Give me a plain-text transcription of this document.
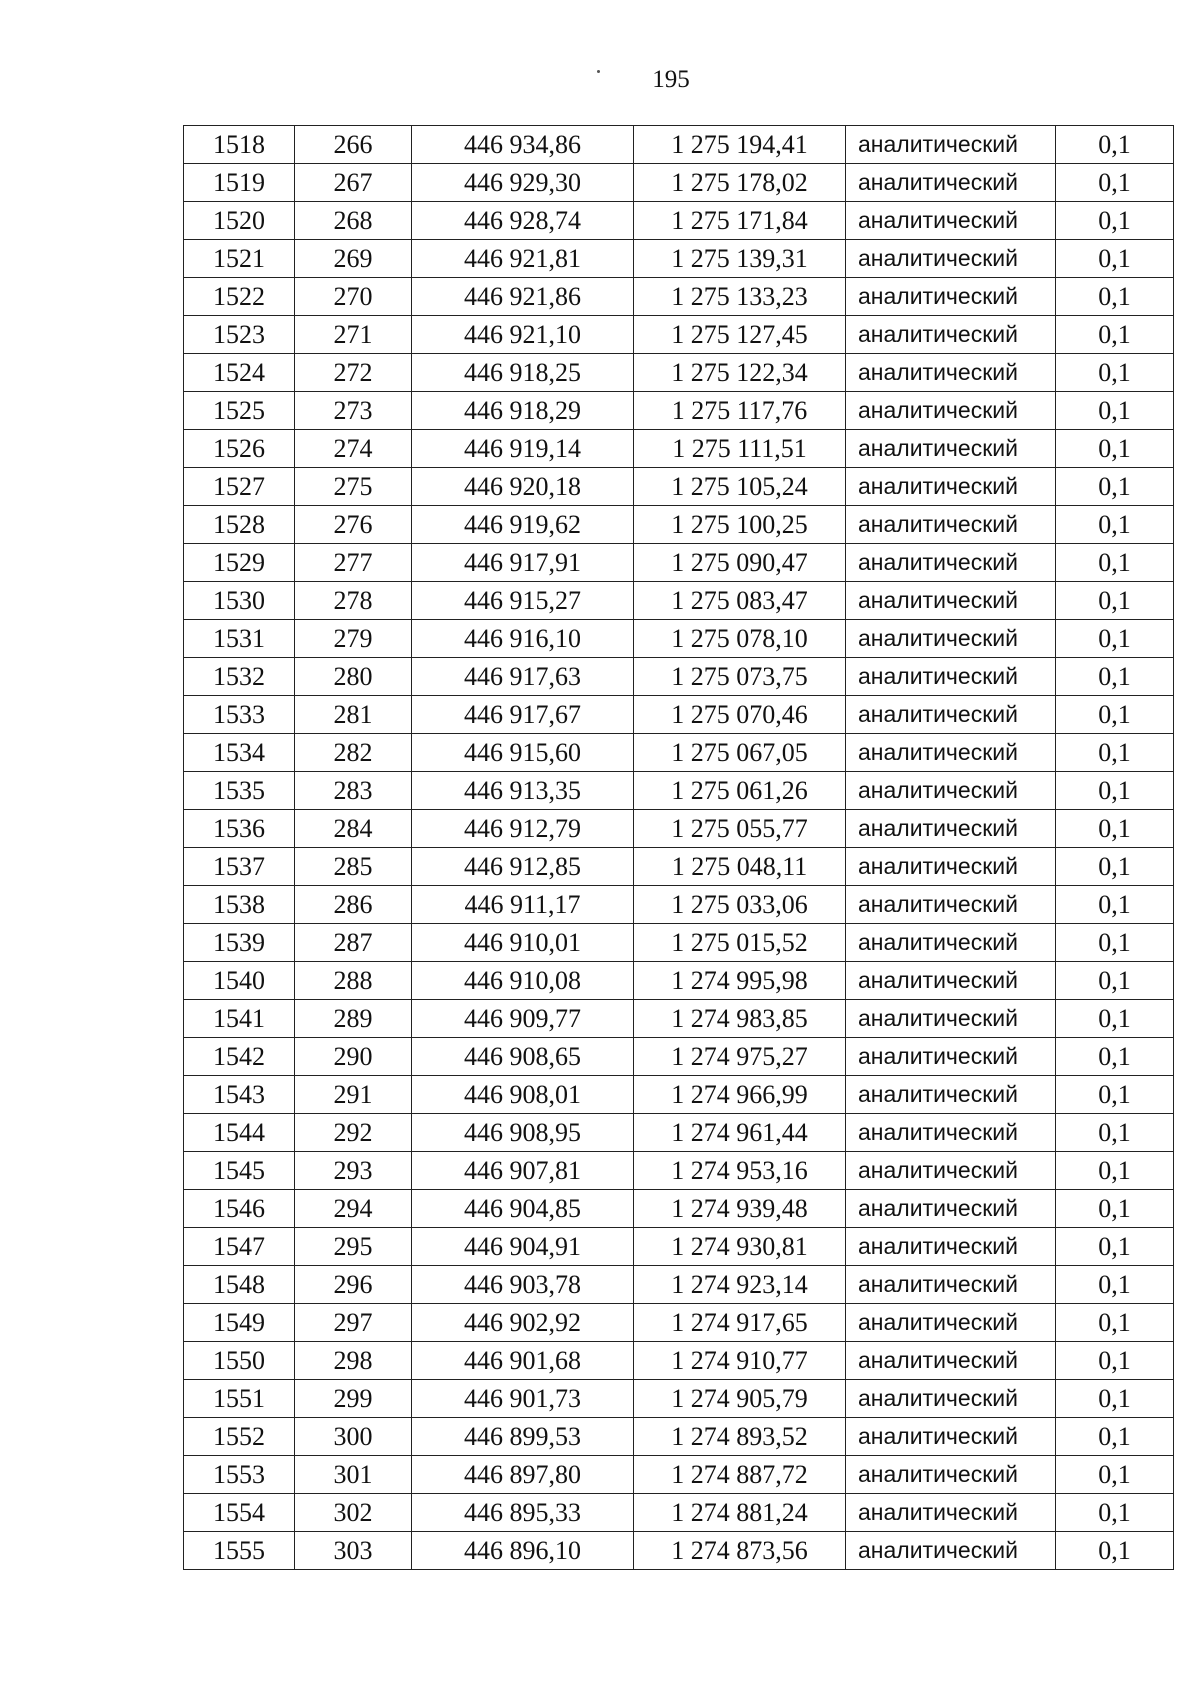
195
1518	266	446 934,86	1 275 194,41	аналитический	0,1
1519	267	446 929,30	1 275 178,02	аналитический	0,1
1520	268	446 928,74	1 275 171,84	аналитический	0,1
1521	269	446 921,81	1 275 139,31	аналитический	0,1
1522	270	446 921,86	1 275 133,23	аналитический	0,1
1523	271	446 921,10	1 275 127,45	аналитический	0,1
1524	272	446 918,25	1 275 122,34	аналитический	0,1
1525	273	446 918,29	1 275 117,76	аналитический	0,1
1526	274	446 919,14	1 275 111,51	аналитический	0,1
1527	275	446 920,18	1 275 105,24	аналитический	0,1
1528	276	446 919,62	1 275 100,25	аналитический	0,1
1529	277	446 917,91	1 275 090,47	аналитический	0,1
1530	278	446 915,27	1 275 083,47	аналитический	0,1
1531	279	446 916,10	1 275 078,10	аналитический	0,1
1532	280	446 917,63	1 275 073,75	аналитический	0,1
1533	281	446 917,67	1 275 070,46	аналитический	0,1
1534	282	446 915,60	1 275 067,05	аналитический	0,1
1535	283	446 913,35	1 275 061,26	аналитический	0,1
1536	284	446 912,79	1 275 055,77	аналитический	0,1
1537	285	446 912,85	1 275 048,11	аналитический	0,1
1538	286	446 911,17	1 275 033,06	аналитический	0,1
1539	287	446 910,01	1 275 015,52	аналитический	0,1
1540	288	446 910,08	1 274 995,98	аналитический	0,1
1541	289	446 909,77	1 274 983,85	аналитический	0,1
1542	290	446 908,65	1 274 975,27	аналитический	0,1
1543	291	446 908,01	1 274 966,99	аналитический	0,1
1544	292	446 908,95	1 274 961,44	аналитический	0,1
1545	293	446 907,81	1 274 953,16	аналитический	0,1
1546	294	446 904,85	1 274 939,48	аналитический	0,1
1547	295	446 904,91	1 274 930,81	аналитический	0,1
1548	296	446 903,78	1 274 923,14	аналитический	0,1
1549	297	446 902,92	1 274 917,65	аналитический	0,1
1550	298	446 901,68	1 274 910,77	аналитический	0,1
1551	299	446 901,73	1 274 905,79	аналитический	0,1
1552	300	446 899,53	1 274 893,52	аналитический	0,1
1553	301	446 897,80	1 274 887,72	аналитический	0,1
1554	302	446 895,33	1 274 881,24	аналитический	0,1
1555	303	446 896,10	1 274 873,56	аналитический	0,1
